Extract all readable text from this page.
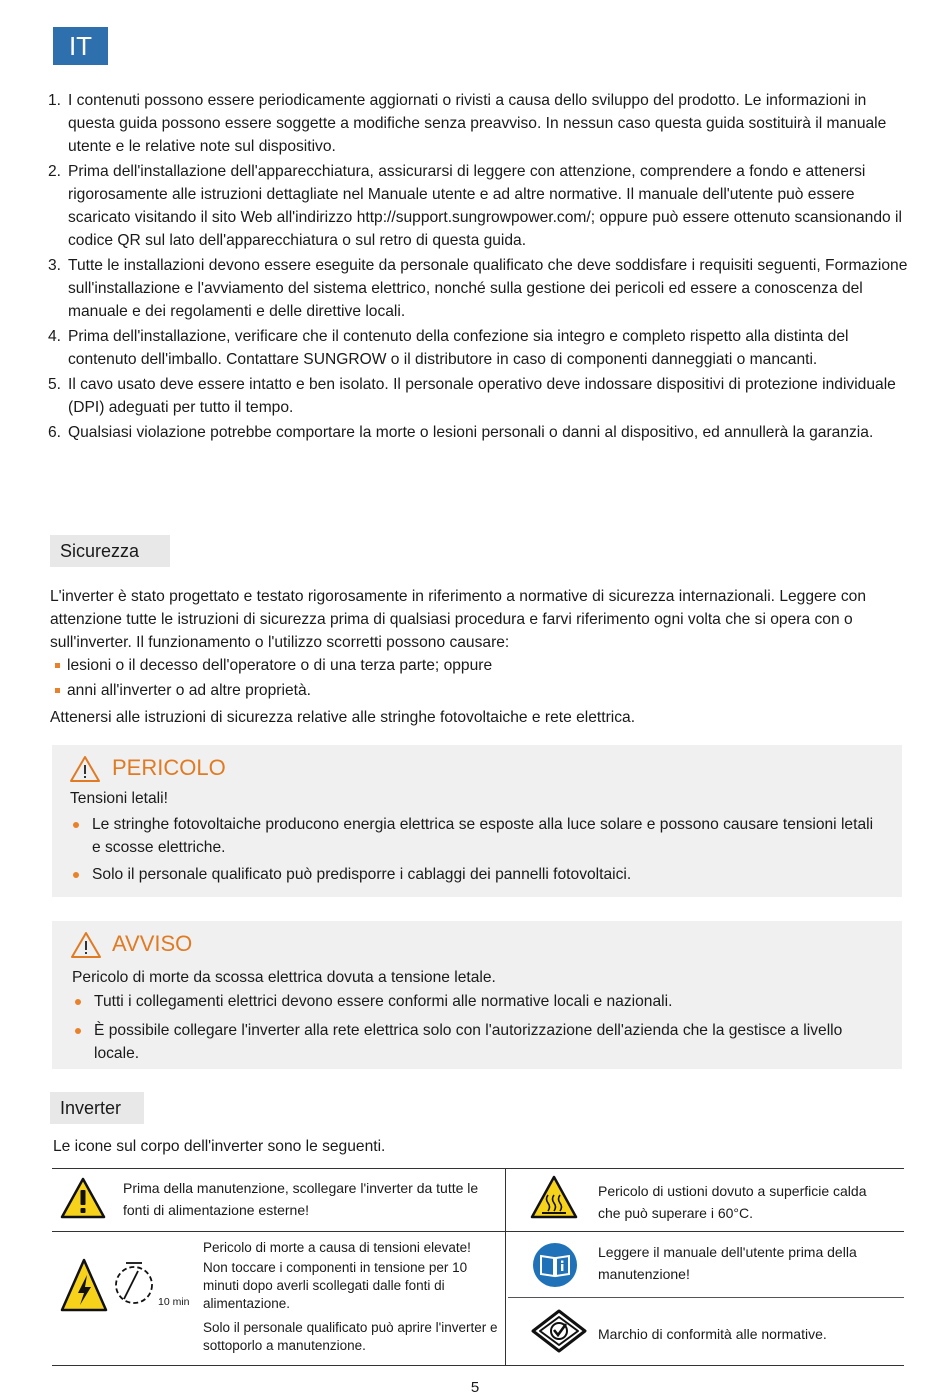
IT
1. I contenuti possono essere periodicamente aggiornati o rivisti a causa dello sviluppo del prodotto. Le informazioni in questa guida possono essere soggette a modifiche senza preavviso. In nessun caso questa guida sostituirà il manuale utente e le relative note sul dispositivo.
2. Prima dell'installazione dell'apparecchiatura, assicurarsi di leggere con attenzione, comprendere a fondo e attenersi rigorosamente alle istruzioni dettagliate nel Manuale utente e ad altre normative. Il manuale dell'utente può essere scaricato visitando il sito Web all'indirizzo http://support.sungrowpower.com/; oppure può essere ottenuto scansionando il codice QR sul lato dell'apparecchiatura o sul retro di questa guida.
3. Tutte le installazioni devono essere eseguite da personale qualificato che deve soddisfare i requisiti seguenti, Formazione sull'installazione e l'avviamento del sistema elettrico, nonché sulla gestione dei pericoli ed essere a conoscenza del manuale e dei regolamenti e delle direttive locali.
4. Prima dell'installazione, verificare che il contenuto della confezione sia integro e completo rispetto alla distinta del contenuto dell'imballo. Contattare SUNGROW o il distributore in caso di componenti danneggiati o mancanti.
5. Il cavo usato deve essere intatto e ben isolato. Il personale operativo deve indossare dispositivi di protezione individuale (DPI) adeguati per tutto il tempo.
6. Qualsiasi violazione potrebbe comportare la morte o lesioni personali o danni al dispositivo, ed annullerà la garanzia.
Sicurezza

L'inverter è stato progettato e testato rigorosamente in riferimento a normative di sicurezza internazionali. Leggere con attenzione tutte le istruzioni di sicurezza prima di qualsiasi procedura e farvi riferimento ogni volta che si opera con o sull'inverter. Il funzionamento o l'utilizzo scorretti possono causare:

lesioni o il decesso dell'operatore o di una terza parte; oppure
anni all'inverter o ad altre proprietà.

Attenersi alle istruzioni di sicurezza relative alle stringhe fotovoltaiche e rete elettrica.

PERICOLO
Tensioni letali!
Le stringhe fotovoltaiche producono energia elettrica se esposte alla luce solare e possono causare tensioni letali e scosse elettriche.
Solo il personale qualificato può predisporre i cablaggi dei pannelli fotovoltaici.
AVVISO
Pericolo di morte da scossa elettrica dovuta a tensione letale.
Tutti i collegamenti elettrici devono essere conformi alle normative locali e nazionali.
È possibile collegare l'inverter alla rete elettrica solo con l'autorizzazione dell'azienda che la gestisce a livello locale.
Inverter

Le icone sul corpo dell'inverter sono le seguenti.

Prima della manutenzione, scollegare l'inverter da tutte le fonti di alimentazione esterne!
Pericolo di ustioni dovuto a superficie calda che può superare i 60°C.
10 min
Pericolo di morte a causa di tensioni elevate!
Non toccare i componenti in tensione per 10 minuti dopo averli scollegati dalle fonti di alimentazione.
Solo il personale qualificato può aprire l'inverter e sottoporlo a manutenzione.
Leggere il manuale dell'utente prima della manutenzione!
Marchio di conformità alle normative.
5
